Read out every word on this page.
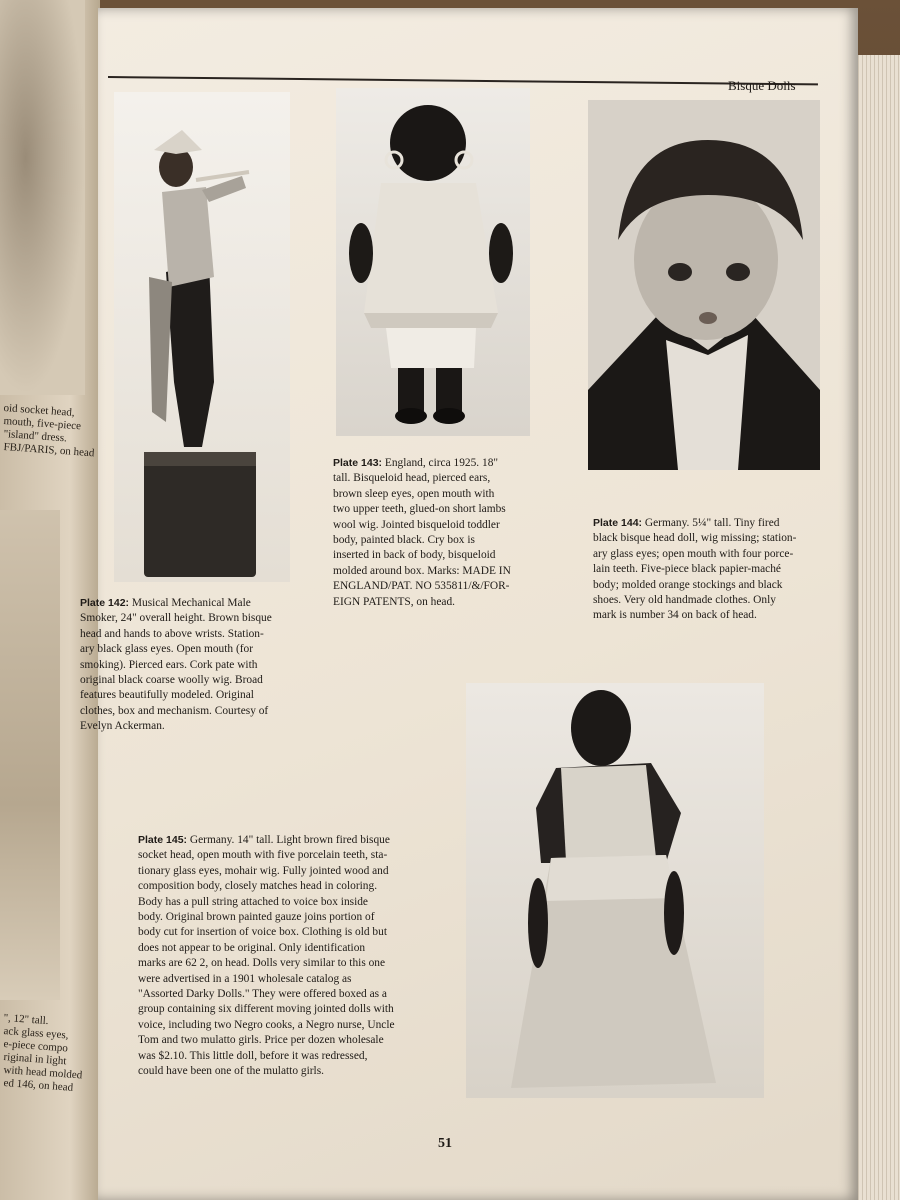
oid socket head,
mouth, five-piece
"island" dress.
FBJ/PARIS, on head
", 12" tall.
ack glass eyes,
e-piece compo
riginal in light
with head molded
ed 146, on head
Bisque Dolls
Plate 142: Musical Mechanical Male
Smoker, 24" overall height. Brown bisque
head and hands to above wrists. Station-
ary black glass eyes. Open mouth (for
smoking). Pierced ears. Cork pate with
original black coarse woolly wig. Broad
features beautifully modeled. Original
clothes, box and mechanism. Courtesy of
Evelyn Ackerman.
Plate 143: England, circa 1925. 18"
tall. Bisqueloid head, pierced ears,
brown sleep eyes, open mouth with
two upper teeth, glued-on short lambs
wool wig. Jointed bisqueloid toddler
body, painted black. Cry box is
inserted in back of body, bisqueloid
molded around box. Marks: MADE IN
ENGLAND/PAT. NO 535811/&/FOR-
EIGN PATENTS, on head.
Plate 144: Germany. 5¼" tall. Tiny fired
black bisque head doll, wig missing; station-
ary glass eyes; open mouth with four porce-
lain teeth. Five-piece black papier-maché
body; molded orange stockings and black
shoes. Very old handmade clothes. Only
mark is number 34 on back of head.
Plate 145: Germany. 14" tall. Light brown fired bisque
socket head, open mouth with five porcelain teeth, sta-
tionary glass eyes, mohair wig. Fully jointed wood and
composition body, closely matches head in coloring.
Body has a pull string attached to voice box inside
body. Original brown painted gauze joins portion of
body cut for insertion of voice box. Clothing is old but
does not appear to be original. Only identification
marks are 62 2, on head. Dolls very similar to this one
were advertised in a 1901 wholesale catalog as
"Assorted Darky Dolls." They were offered boxed as a
group containing six different moving jointed dolls with
voice, including two Negro cooks, a Negro nurse, Uncle
Tom and two mulatto girls. Price per dozen wholesale
was $2.10. This little doll, before it was redressed,
could have been one of the mulatto girls.
51
